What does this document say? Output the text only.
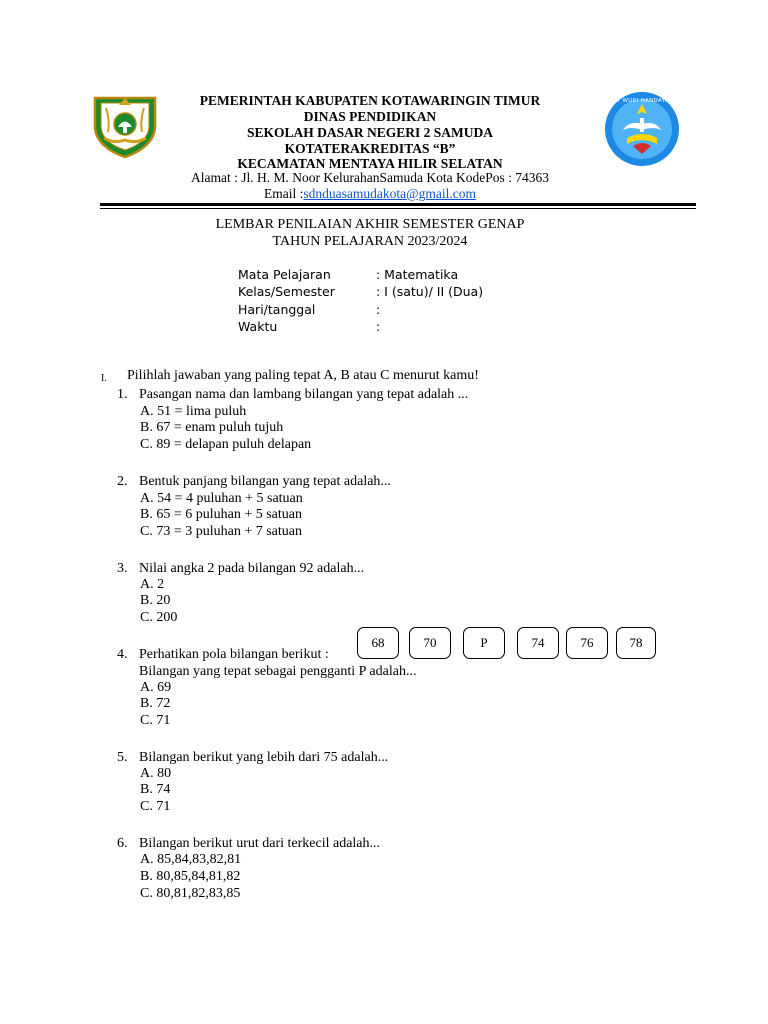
TUT WURI HANDAYANI
PEMERINTAH KABUPATEN KOTAWARINGIN TIMUR
DINAS PENDIDIKAN
SEKOLAH DASAR NEGERI 2 SAMUDA
KOTATERAKREDITAS “B”
KECAMATAN MENTAYA HILIR SELATAN
Alamat : Jl. H. M. Noor KelurahanSamuda Kota KodePos : 74363
Email :sdnduasamudakota@gmail.com
LEMBAR PENILAIAN AKHIR SEMESTER GENAP
TAHUN PELAJARAN 2023/2024
Mata Pelajaran	: Matematika
Kelas/Semester	: I (satu)/ II (Dua)
Hari/tanggal	:
Waktu	:
I. Pilihlah jawaban yang paling tepat A, B atau C menurut kamu!
1. Pasangan nama dan lambang bilangan yang tepat adalah ...
A. 51 = lima puluh
B. 67 = enam puluh tujuh
C. 89 = delapan puluh delapan
2. Bentuk panjang bilangan yang tepat adalah...
A. 54 = 4 puluhan + 5 satuan
B. 65 = 6 puluhan + 5 satuan
C. 73 = 3 puluhan + 7 satuan
3. Nilai angka 2 pada bilangan 92 adalah...
A. 2
B. 20
C. 200
4. Perhatikan pola bilangan berikut :
68	70	P	74	76	78
Bilangan yang tepat sebagai pengganti P adalah...
A. 69
B. 72
C. 71
5. Bilangan berikut yang lebih dari 75 adalah...
A. 80
B. 74
C. 71
6. Bilangan berikut urut dari terkecil adalah...
A. 85,84,83,82,81
B. 80,85,84,81,82
C. 80,81,82,83,85
